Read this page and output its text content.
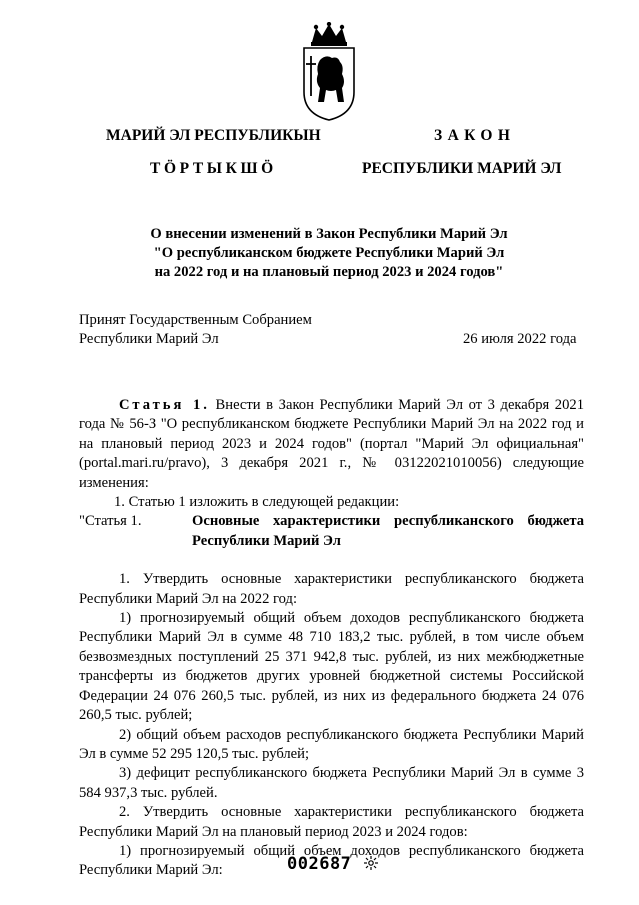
МАРИЙ ЭЛ РЕСПУБЛИКЫН
ТӦРТЫКШӦ
ЗАКОН
РЕСПУБЛИКИ МАРИЙ ЭЛ
О внесении изменений в Закон Республики Марий Эл
"О республиканском бюджете Республики Марий Эл
на 2022 год и на плановый период 2023 и 2024 годов"
Принят Государственным Собранием
Республики Марий Эл	26 июля 2022 года

Статья 1. Внести в Закон Республики Марий Эл от 3 декабря 2021 года № 56-З "О республиканском бюджете Республики Марий Эл на 2022 год и на плановый период 2023 и 2024 годов" (портал "Марий Эл официальная" (portal.mari.ru/pravo), 3 декабря 2021 г., № 03122021010056) следующие изменения:

1. Статью 1 изложить в следующей редакции:

"Статья 1.	Основные характеристики республиканского бюджета Республики Марий Эл

1. Утвердить основные характеристики республиканского бюджета Республики Марий Эл на 2022 год:

1) прогнозируемый общий объем доходов республиканского бюджета Республики Марий Эл в сумме 48 710 183,2 тыс. рублей, в том числе объем безвозмездных поступлений 25 371 942,8 тыс. рублей, из них межбюджетные трансферты из бюджетов других уровней бюджетной системы Российской Федерации 24 076 260,5 тыс. рублей, из них из федерального бюджета 24 076 260,5 тыс. рублей;

2) общий объем расходов республиканского бюджета Республики Марий Эл в сумме 52 295 120,5 тыс. рублей;

3) дефицит республиканского бюджета Республики Марий Эл в сумме 3 584 937,3 тыс. рублей.

2. Утвердить основные характеристики республиканского бюджета Республики Марий Эл на плановый период 2023 и 2024 годов:

1) прогнозируемый общий объем доходов республиканского бюджета Республики Марий Эл:	002687
